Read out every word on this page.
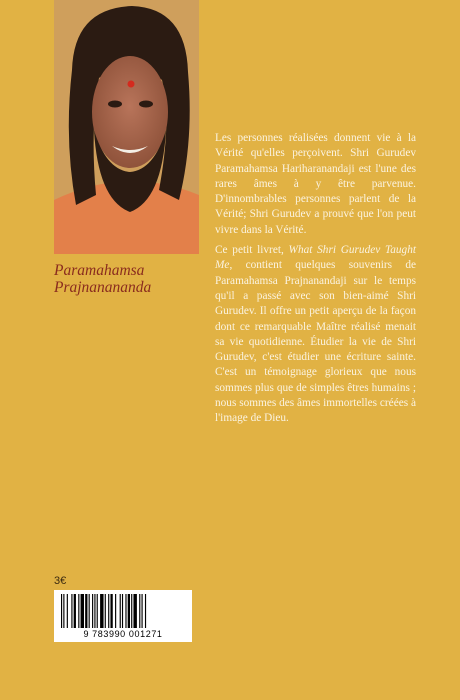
Paramahamsa
Prajnanananda

Les personnes réalisées donnent vie à la Vérité qu'elles perçoivent. Shri Gurudev Paramahamsa Hariharanandaji est l'une des rares âmes à y être parvenue. D'innombrables personnes parlent de la Vérité; Shri Gurudev a prouvé que l'on peut vivre dans la Vérité.

Ce petit livret, What Shri Gurudev Taught Me, contient quelques souvenirs de Paramahamsa Prajnanandaji sur le temps qu'il a passé avec son bien-aimé Shri Gurudev. Il offre un petit aperçu de la façon dont ce remarquable Maître réalisé menait sa vie quotidienne. Étudier la vie de Shri Gurudev, c'est étudier une écriture sainte. C'est un témoignage glorieux que nous sommes plus que de simples êtres humains ; nous sommes des âmes immortelles créées à l'image de Dieu.

3€
9 783990 001271
